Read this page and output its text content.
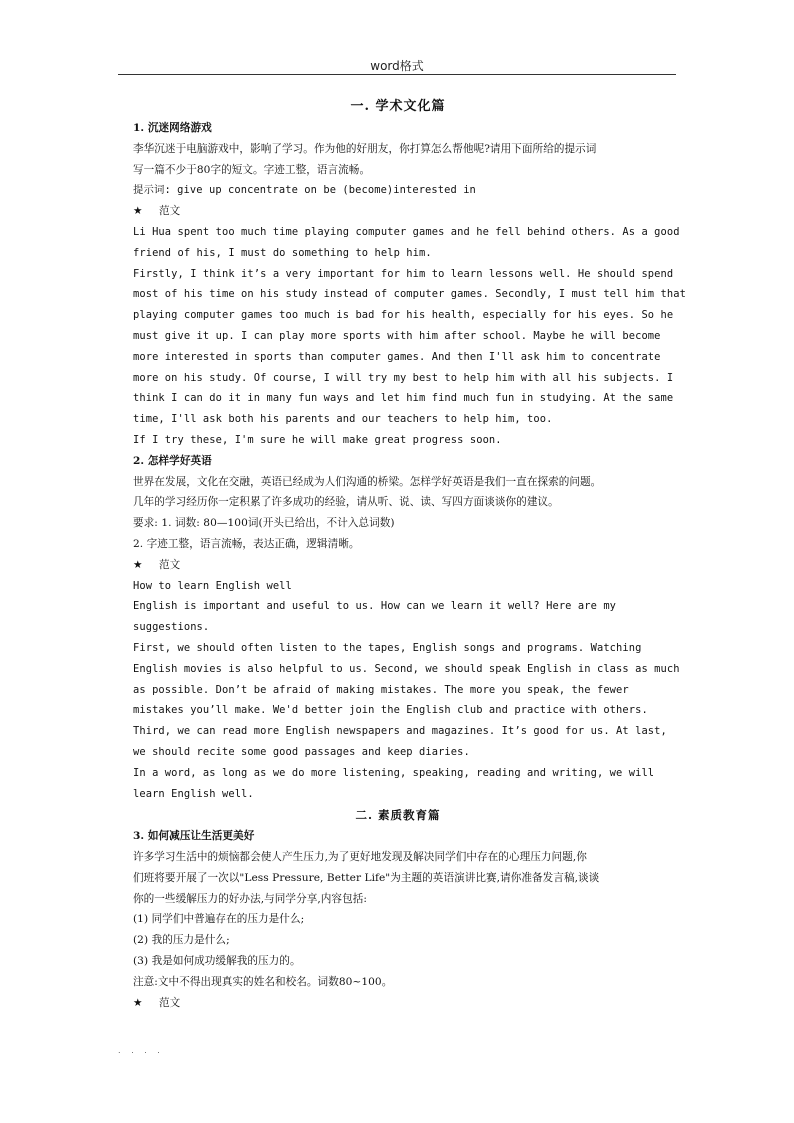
word格式
一. 学术文化篇
1. 沉迷网络游戏
李华沉迷于电脑游戏中，影响了学习。作为他的好朋友，你打算怎么帮他呢?请用下面所给的提示词
写一篇不少于80字的短文。字迹工整，语言流畅。
提示词: give up concentrate on be (become)interested in
★ 范文
Li Hua spent too much time playing computer games and he fell behind others. As a good
friend of his, I must do something to help him.
Firstly, I think it’s a very important for him to learn lessons well. He should spend
most of his time on his study instead of computer games. Secondly, I must tell him that
playing computer games too much is bad for his health, especially for his eyes. So he
must give it up. I can play more sports with him after school. Maybe he will become
more interested in sports than computer games. And then I'll ask him to concentrate
more on his study. Of course, I will try my best to help him with all his subjects. I
think I can do it in many fun ways and let him find much fun in studying. At the same
time, I'll ask both his parents and our teachers to help him, too.
If I try these, I'm sure he will make great progress soon.
2. 怎样学好英语
世界在发展，文化在交融，英语已经成为人们沟通的桥梁。怎样学好英语是我们一直在探索的问题。
几年的学习经历你一定积累了许多成功的经验，请从听、说、读、写四方面谈谈你的建议。
要求: 1. 词数: 80—100词(开头已给出，不计入总词数)
2. 字迹工整，语言流畅，表达正确，逻辑清晰。
★ 范文
How to learn English well
English is important and useful to us. How can we learn it well? Here are my
suggestions.
First, we should often listen to the tapes, English songs and programs. Watching
English movies is also helpful to us. Second, we should speak English in class as much
as possible. Don’t be afraid of making mistakes. The more you speak, the fewer
mistakes you’ll make. We'd better join the English club and practice with others.
Third, we can read more English newspapers and magazines. It’s good for us. At last,
we should recite some good passages and keep diaries.
In a word, as long as we do more listening, speaking, reading and writing, we will
learn English well.
二. 素质教育篇
3. 如何减压让生活更美好
许多学习生活中的烦恼都会使人产生压力,为了更好地发现及解决同学们中存在的心理压力问题,你
们班将要开展了一次以"Less Pressure, Better Life"为主题的英语演讲比赛,请你准备发言稿,谈谈
你的一些缓解压力的好办法,与同学分享,内容包括:
(1) 同学们中普遍存在的压力是什么;
(2) 我的压力是什么;
(3) 我是如何成功缓解我的压力的。
注意:文中不得出现真实的姓名和校名。词数80~100。
★ 范文
. . . .
